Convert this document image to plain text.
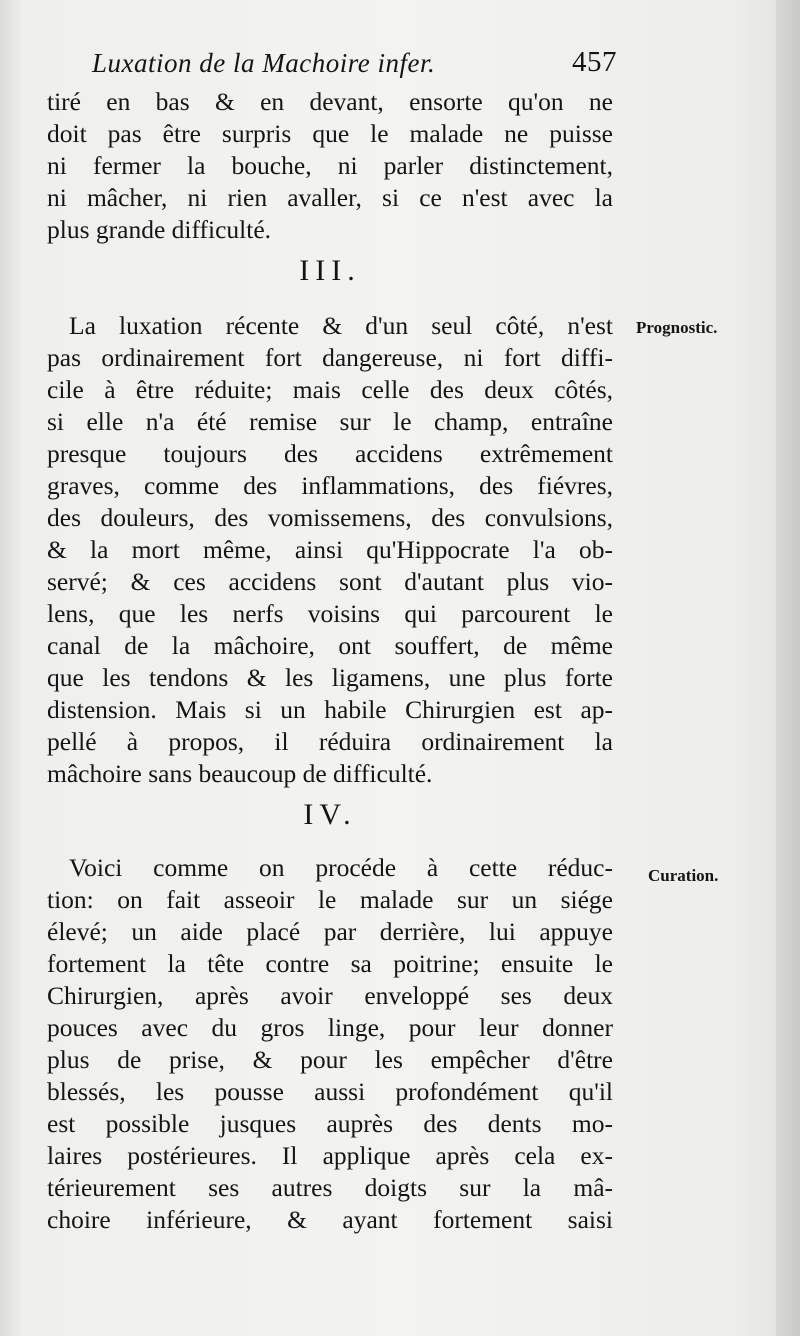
Luxation de la Machoire infer.	457
tiré en bas & en devant, ensorte qu'on ne
doit pas être surpris que le malade ne puisse
ni fermer la bouche, ni parler distinctement,
ni mâcher, ni rien avaller, si ce n'est avec la
plus grande difficulté.
III.
Prognostic.
La luxation récente & d'un seul côté, n'est
pas ordinairement fort dangereuse, ni fort diffi-
cile à être réduite; mais celle des deux côtés,
si elle n'a été remise sur le champ, entraîne
presque toujours des accidens extrêmement
graves, comme des inflammations, des fiévres,
des douleurs, des vomissemens, des convulsions,
& la mort même, ainsi qu'Hippocrate l'a ob-
servé; & ces accidens sont d'autant plus vio-
lens, que les nerfs voisins qui parcourent le
canal de la mâchoire, ont souffert, de même
que les tendons & les ligamens, une plus forte
distension. Mais si un habile Chirurgien est ap-
pellé à propos, il réduira ordinairement la
mâchoire sans beaucoup de difficulté.
IV.
Curation.
Voici comme on procéde à cette réduc-
tion: on fait asseoir le malade sur un siége
élevé; un aide placé par derrière, lui appuye
fortement la tête contre sa poitrine; ensuite le
Chirurgien, après avoir enveloppé ses deux
pouces avec du gros linge, pour leur donner
plus de prise, & pour les empêcher d'être
blessés, les pousse aussi profondément qu'il
est possible jusques auprès des dents mo-
laires postérieures. Il applique après cela ex-
térieurement ses autres doigts sur la mâ-
choire inférieure, & ayant fortement saisi
